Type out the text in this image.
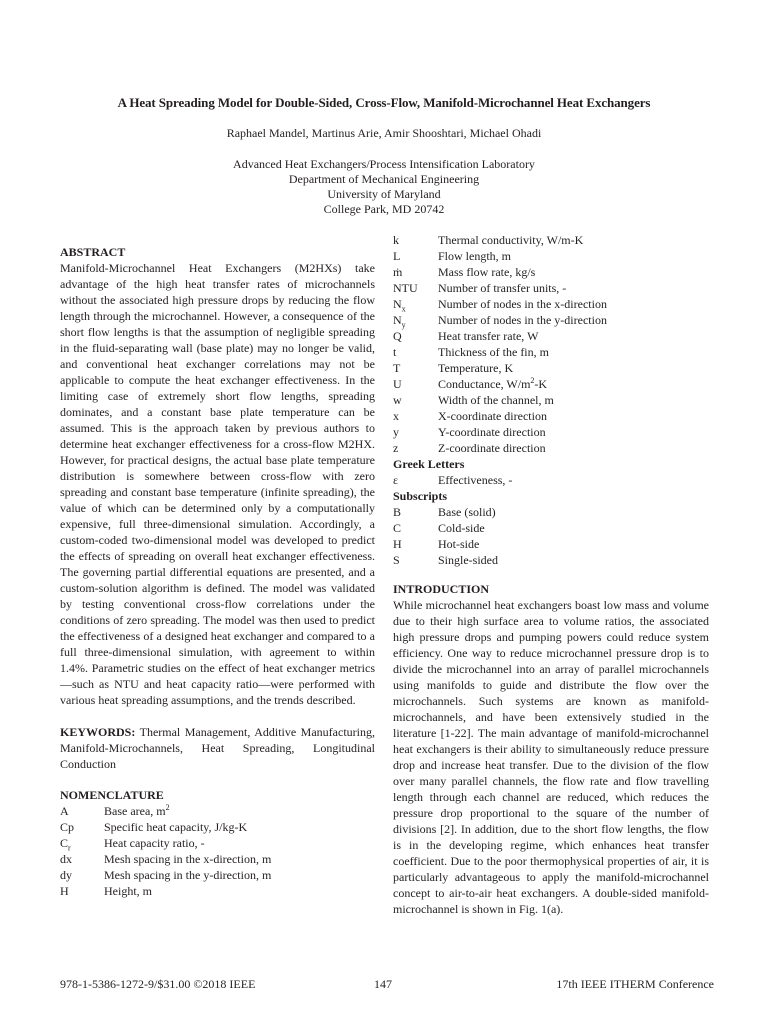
A Heat Spreading Model for Double-Sided, Cross-Flow, Manifold-Microchannel Heat Exchangers
Raphael Mandel, Martinus Arie, Amir Shooshtari, Michael Ohadi
Advanced Heat Exchangers/Process Intensification Laboratory
Department of Mechanical Engineering
University of Maryland
College Park, MD 20742
ABSTRACT

Manifold-Microchannel Heat Exchangers (M2HXs) take advantage of the high heat transfer rates of microchannels without the associated high pressure drops by reducing the flow length through the microchannel. However, a consequence of the short flow lengths is that the assumption of negligible spreading in the fluid-separating wall (base plate) may no longer be valid, and conventional heat exchanger correlations may not be applicable to compute the heat exchanger effectiveness. In the limiting case of extremely short flow lengths, spreading dominates, and a constant base plate temperature can be assumed. This is the approach taken by previous authors to determine heat exchanger effectiveness for a cross-flow M2HX. However, for practical designs, the actual base plate temperature distribution is somewhere between cross-flow with zero spreading and constant base temperature (infinite spreading), the value of which can be determined only by a computationally expensive, full three-dimensional simulation. Accordingly, a custom-coded two-dimensional model was developed to predict the effects of spreading on overall heat exchanger effectiveness. The governing partial differential equations are presented, and a custom-solution algorithm is defined. The model was validated by testing conventional cross-flow correlations under the conditions of zero spreading. The model was then used to predict the effectiveness of a designed heat exchanger and compared to a full three-dimensional simulation, with agreement to within 1.4%. Parametric studies on the effect of heat exchanger metrics—such as NTU and heat capacity ratio—were performed with various heat spreading assumptions, and the trends described.

KEYWORDS: Thermal Management, Additive Manufacturing, Manifold-Microchannels, Heat Spreading, Longitudinal Conduction
NOMENCLATURE
A	Base area, $m^2$
Cp	Specific heat capacity, J/kg-K
$C_r$	Heat capacity ratio, -
dx	Mesh spacing in the x-direction, m
dy	Mesh spacing in the y-direction, m
H	Height, m
k	Thermal conductivity, W/m-K
L	Flow length, m
ṁ	Mass flow rate, kg/s
NTU	Number of transfer units, -
$N_x$	Number of nodes in the x-direction
$N_y$	Number of nodes in the y-direction
Q	Heat transfer rate, W
t	Thickness of the fin, m
T	Temperature, K
U	Conductance, $W/m^2-K$
w	Width of the channel, m
x	X-coordinate direction
y	Y-coordinate direction
z	Z-coordinate direction
Greek Letters
ε	Effectiveness, -
Subscripts
B	Base (solid)
C	Cold-side
H	Hot-side
S	Single-sided
INTRODUCTION

While microchannel heat exchangers boast low mass and volume due to their high surface area to volume ratios, the associated high pressure drops and pumping powers could reduce system efficiency. One way to reduce microchannel pressure drop is to divide the microchannel into an array of parallel microchannels using manifolds to guide and distribute the flow over the microchannels. Such systems are known as manifold-microchannels, and have been extensively studied in the literature [1-22]. The main advantage of manifold-microchannel heat exchangers is their ability to simultaneously reduce pressure drop and increase heat transfer. Due to the division of the flow over many parallel channels, the flow rate and flow travelling length through each channel are reduced, which reduces the pressure drop proportional to the square of the number of divisions [2]. In addition, due to the short flow lengths, the flow is in the developing regime, which enhances heat transfer coefficient. Due to the poor thermophysical properties of air, it is particularly advantageous to apply the manifold-microchannel concept to air-to-air heat exchangers. A double-sided manifold-microchannel is shown in Fig. 1(a).

978-1-5386-1272-9/$31.00 ©2018 IEEE	147	17th IEEE ITHERM Conference
